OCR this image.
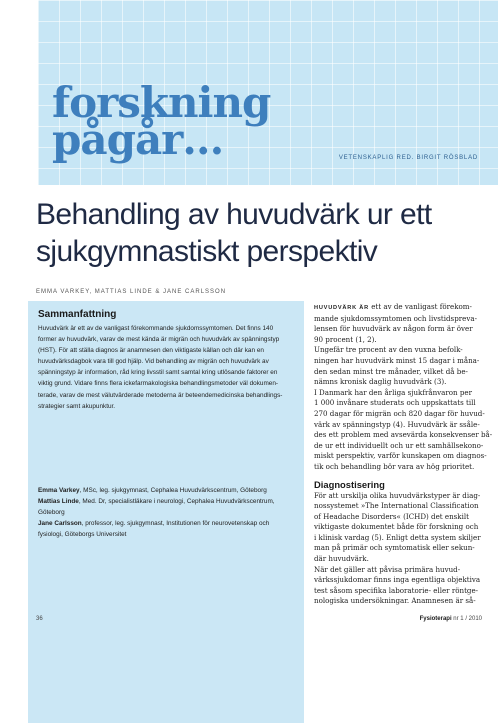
forskning
pågår…	VETENSKAPLIG RED. BIRGIT RÖSBLAD
Behandling av huvudvärk ur ett
sjukgymnastiskt perspektiv
EMMA VARKEY, MATTIAS LINDE & JANE CARLSSON
Sammanfattning

Huvudvärk är ett av de vanligast förekommande sjukdomssymtomen. Det finns 140
former av huvudvärk, varav de mest kända är migrän och huvudvärk av spänningstyp
(HST). För att ställa diagnos är anamnesen den viktigaste källan och där kan en
huvudvärksdagbok vara till god hjälp. Vid behandling av migrän och huvudvärk av
spänningstyp är information, råd kring livsstil samt samtal kring utlösande faktorer en
viktig grund. Vidare finns flera ickefarmakologiska behandlingsmetoder väl dokumen-
terade, varav de mest välutvärderade metoderna är beteendemedicinska behandlings-
strategier samt akupunktur.

Emma Varkey, MSc, leg. sjukgymnast, Cephalea Huvudvärkscentrum, Göteborg
Mattias Linde, Med. Dr, specialistläkare i neurologi, Cephalea Huvudvärkscentrum,
Göteborg
Jane Carlsson, professor, leg. sjukgymnast, Institutionen för neurovetenskap och
fysiologi, Göteborgs Universitet

HUVUDVÄRK ÄR ett av de vanligast förekom-
mande sjukdomssymtomen och livstidspreva-
lensen för huvudvärk av någon form är över
90 procent (1, 2).
Ungefär tre procent av den vuxna befolk-
ningen har huvudvärk minst 15 dagar i måna-
den sedan minst tre månader, vilket då be-
nämns kronisk daglig huvudvärk (3).
I Danmark har den årliga sjukfrånvaron per
1 000 invånare studerats och uppskattats till
270 dagar för migrän och 820 dagar för huvud-
värk av spänningstyp (4). Huvudvärk är ssåle-
des ett problem med avsevärda konsekvenser bå-
de ur ett individuellt och ur ett samhällsekono-
miskt perspektiv, varför kunskapen om diagnos-
tik och behandling bör vara av hög prioritet.
Diagnostisering
För att urskilja olika huvudvärkstyper är diag-
nossystemet »The International Classification
of Headache Disorders« (ICHD) det enskilt
viktigaste dokumentet både för forskning och
i klinisk vardag (5). Enligt detta system skiljer
man på primär och symtomatisk eller sekun-
där huvudvärk.
När det gäller att påvisa primära huvud-
värkssjukdomar finns inga egentliga objektiva
test såsom specifika laboratorie- eller röntge-
nologiska undersökningar. Anamnesen är så-
36	Fysioterapi nr 1 / 2010
